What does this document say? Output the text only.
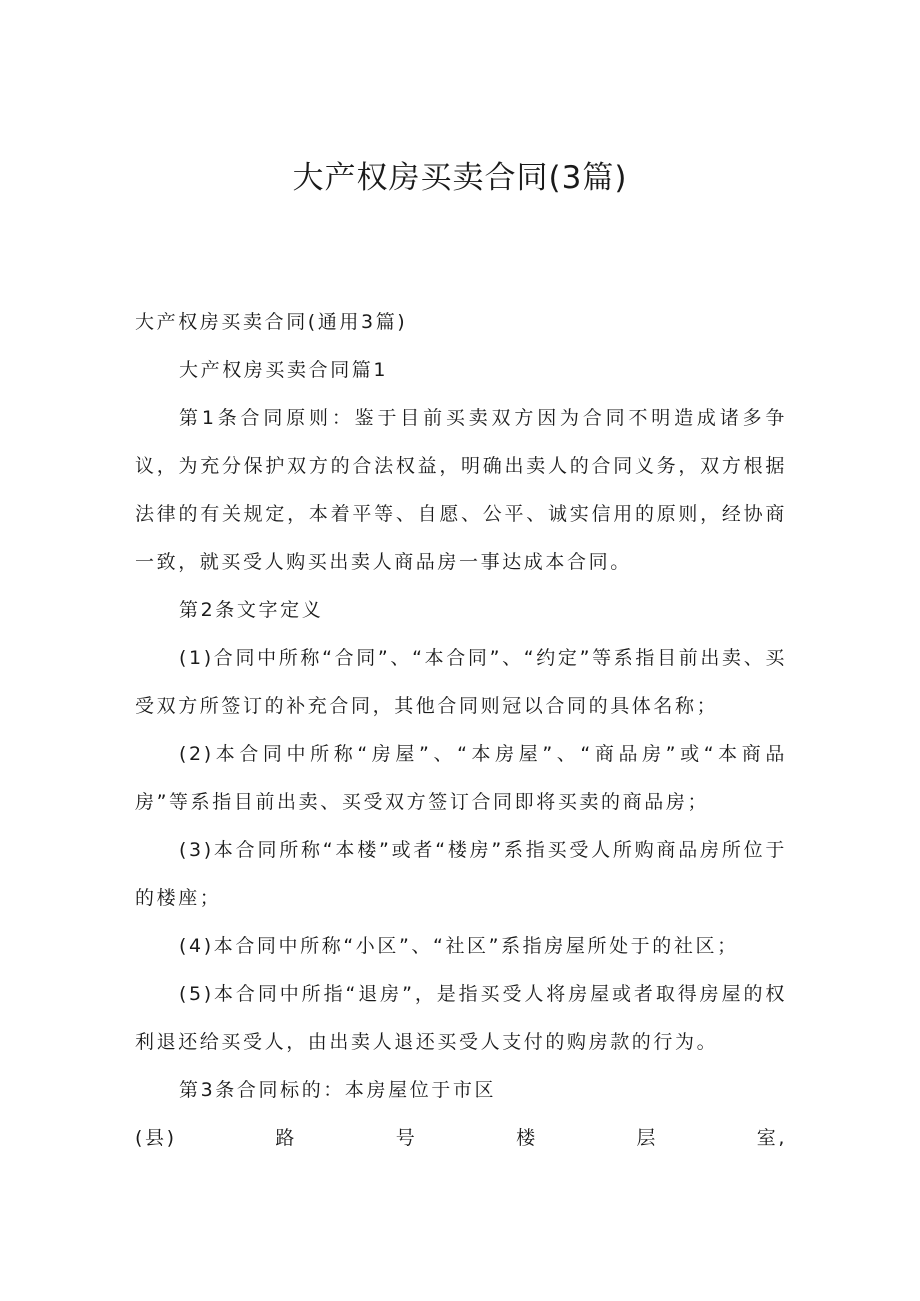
大产权房买卖合同(3篇)

大产权房买卖合同(通用3篇)

大产权房买卖合同篇1

第1条合同原则：鉴于目前买卖双方因为合同不明造成诸多争议，为充分保护双方的合法权益，明确出卖人的合同义务，双方根据法律的有关规定，本着平等、自愿、公平、诚实信用的原则，经协商一致，就买受人购买出卖人商品房一事达成本合同。

第2条文字定义

(1)合同中所称“合同”、“本合同”、“约定”等系指目前出卖、买受双方所签订的补充合同，其他合同则冠以合同的具体名称；

(2)本合同中所称“房屋”、“本房屋”、“商品房”或“本商品房”等系指目前出卖、买受双方签订合同即将买卖的商品房；

(3)本合同所称“本楼”或者“楼房”系指买受人所购商品房所位于的楼座；

(4)本合同中所称“小区”、“社区”系指房屋所处于的社区；

(5)本合同中所指“退房”，是指买受人将房屋或者取得房屋的权利退还给买受人，由出卖人退还买受人支付的购房款的行为。

第3条合同标的：本房屋位于市区

(县)	路	号	楼	层	室,
